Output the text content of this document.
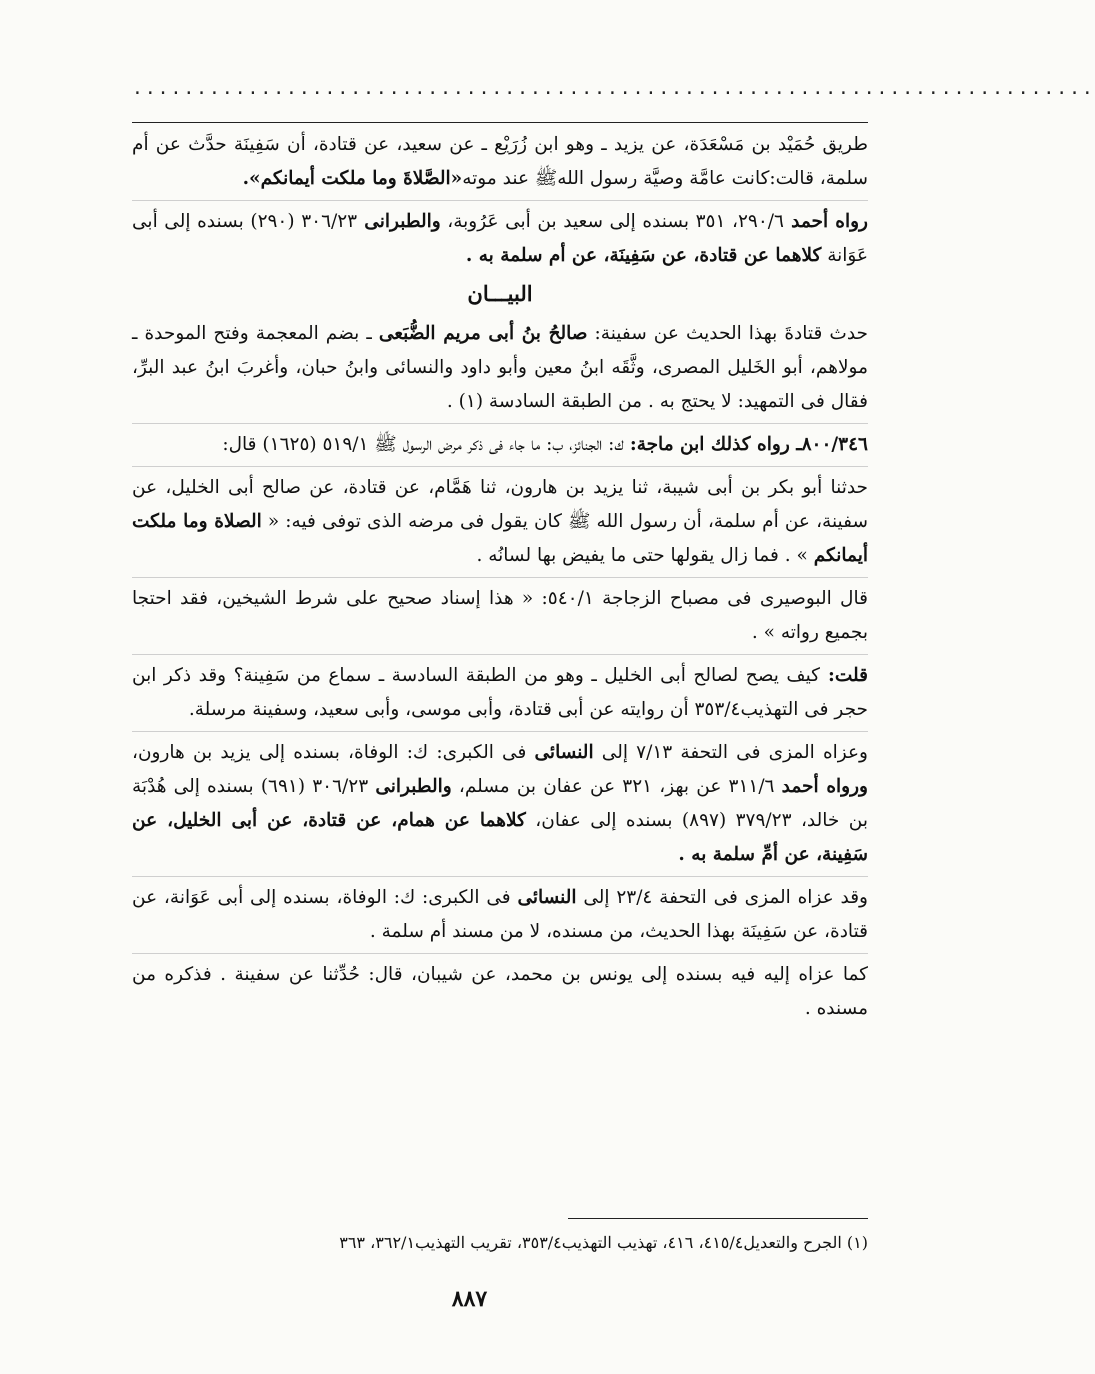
...........................................................................

طريق حُمَيْد بن مَسْعَدَة، عن يزيد ـ وهو ابن زُرَيْع ـ عن سعيد، عن قتادة، أن سَفِينَة حدَّث عن أم سلمة، قالت:كانت عامَّة وصيَّة رسول اللهﷺ عند موته«الصَّلاةَ وما ملكت أيمانكم».

رواه أحمد ٢٩٠/٦، ٣٥١ بسنده إلى سعيد بن أبى عَرُوبة، والطبرانى ٣٠٦/٢٣ (٢٩٠) بسنده إلى أبى عَوَانة كلاهما عن قتادة، عن سَفِينَة، عن أم سلمة به .

البيـــان

حدث قتادةَ بهذا الحديث عن سفينة: صالحُ بنُ أبى مريم الضُّبَعى ـ بضم المعجمة وفتح الموحدة ـ مولاهم، أبو الخَليل المصرى، وثَّقَه ابنُ معين وأبو داود والنسائى وابنُ حبان، وأغربَ ابنُ عبد البرِّ، فقال فى التمهيد: لا يحتج به . من الطبقة السادسة (١) .

٨٠٠/٣٤٦ـ رواه كذلك ابن ماجة: ك: الجنائز، ب: ما جاء فى ذكر مرض الرسول ﷺ ٥١٩/١ (١٦٢٥) قال:

حدثنا أبو بكر بن أبى شيبة، ثنا يزيد بن هارون، ثنا هَمَّام، عن قتادة، عن صالح أبى الخليل، عن سفينة، عن أم سلمة، أن رسول الله ﷺ كان يقول فى مرضه الذى توفى فيه: « الصلاة وما ملكت أيمانكم » . فما زال يقولها حتى ما يفيض بها لسانُه .

قال البوصيرى فى مصباح الزجاجة ٥٤٠/١: « هذا إسناد صحيح على شرط الشيخين، فقد احتجا بجميع رواته » .

قلت: كيف يصح لصالح أبى الخليل ـ وهو من الطبقة السادسة ـ سماع من سَفِينة؟ وقد ذكر ابن حجر فى التهذيب٣٥٣/٤ أن روايته عن أبى قتادة، وأبى موسى، وأبى سعيد، وسفينة مرسلة.

وعزاه المزى فى التحفة ٧/١٣ إلى النسائى فى الكبرى: ك: الوفاة، بسنده إلى يزيد بن هارون، ورواه أحمد ٣١١/٦ عن بهز، ٣٢١ عن عفان بن مسلم، والطبرانى ٣٠٦/٢٣ (٦٩١) بسنده إلى هُدْبَة بن خالد، ٣٧٩/٢٣ (٨٩٧) بسنده إلى عفان، كلاهما عن همام، عن قتادة، عن أبى الخليل، عن سَفِينة، عن أمِّ سلمة به .

وقد عزاه المزى فى التحفة ٢٣/٤ إلى النسائى فى الكبرى: ك: الوفاة، بسنده إلى أبى عَوَانة، عن قتادة، عن سَفِينَة بهذا الحديث، من مسنده، لا من مسند أم سلمة .

كما عزاه إليه فيه بسنده إلى يونس بن محمد، عن شيبان، قال: حُدِّثنا عن سفينة . فذكره من مسنده .

(١) الجرح والتعديل٤١٥/٤، ٤١٦، تهذيب التهذيب٣٥٣/٤، تقريب التهذيب٣٦٢/١، ٣٦٣
٨٨٧
